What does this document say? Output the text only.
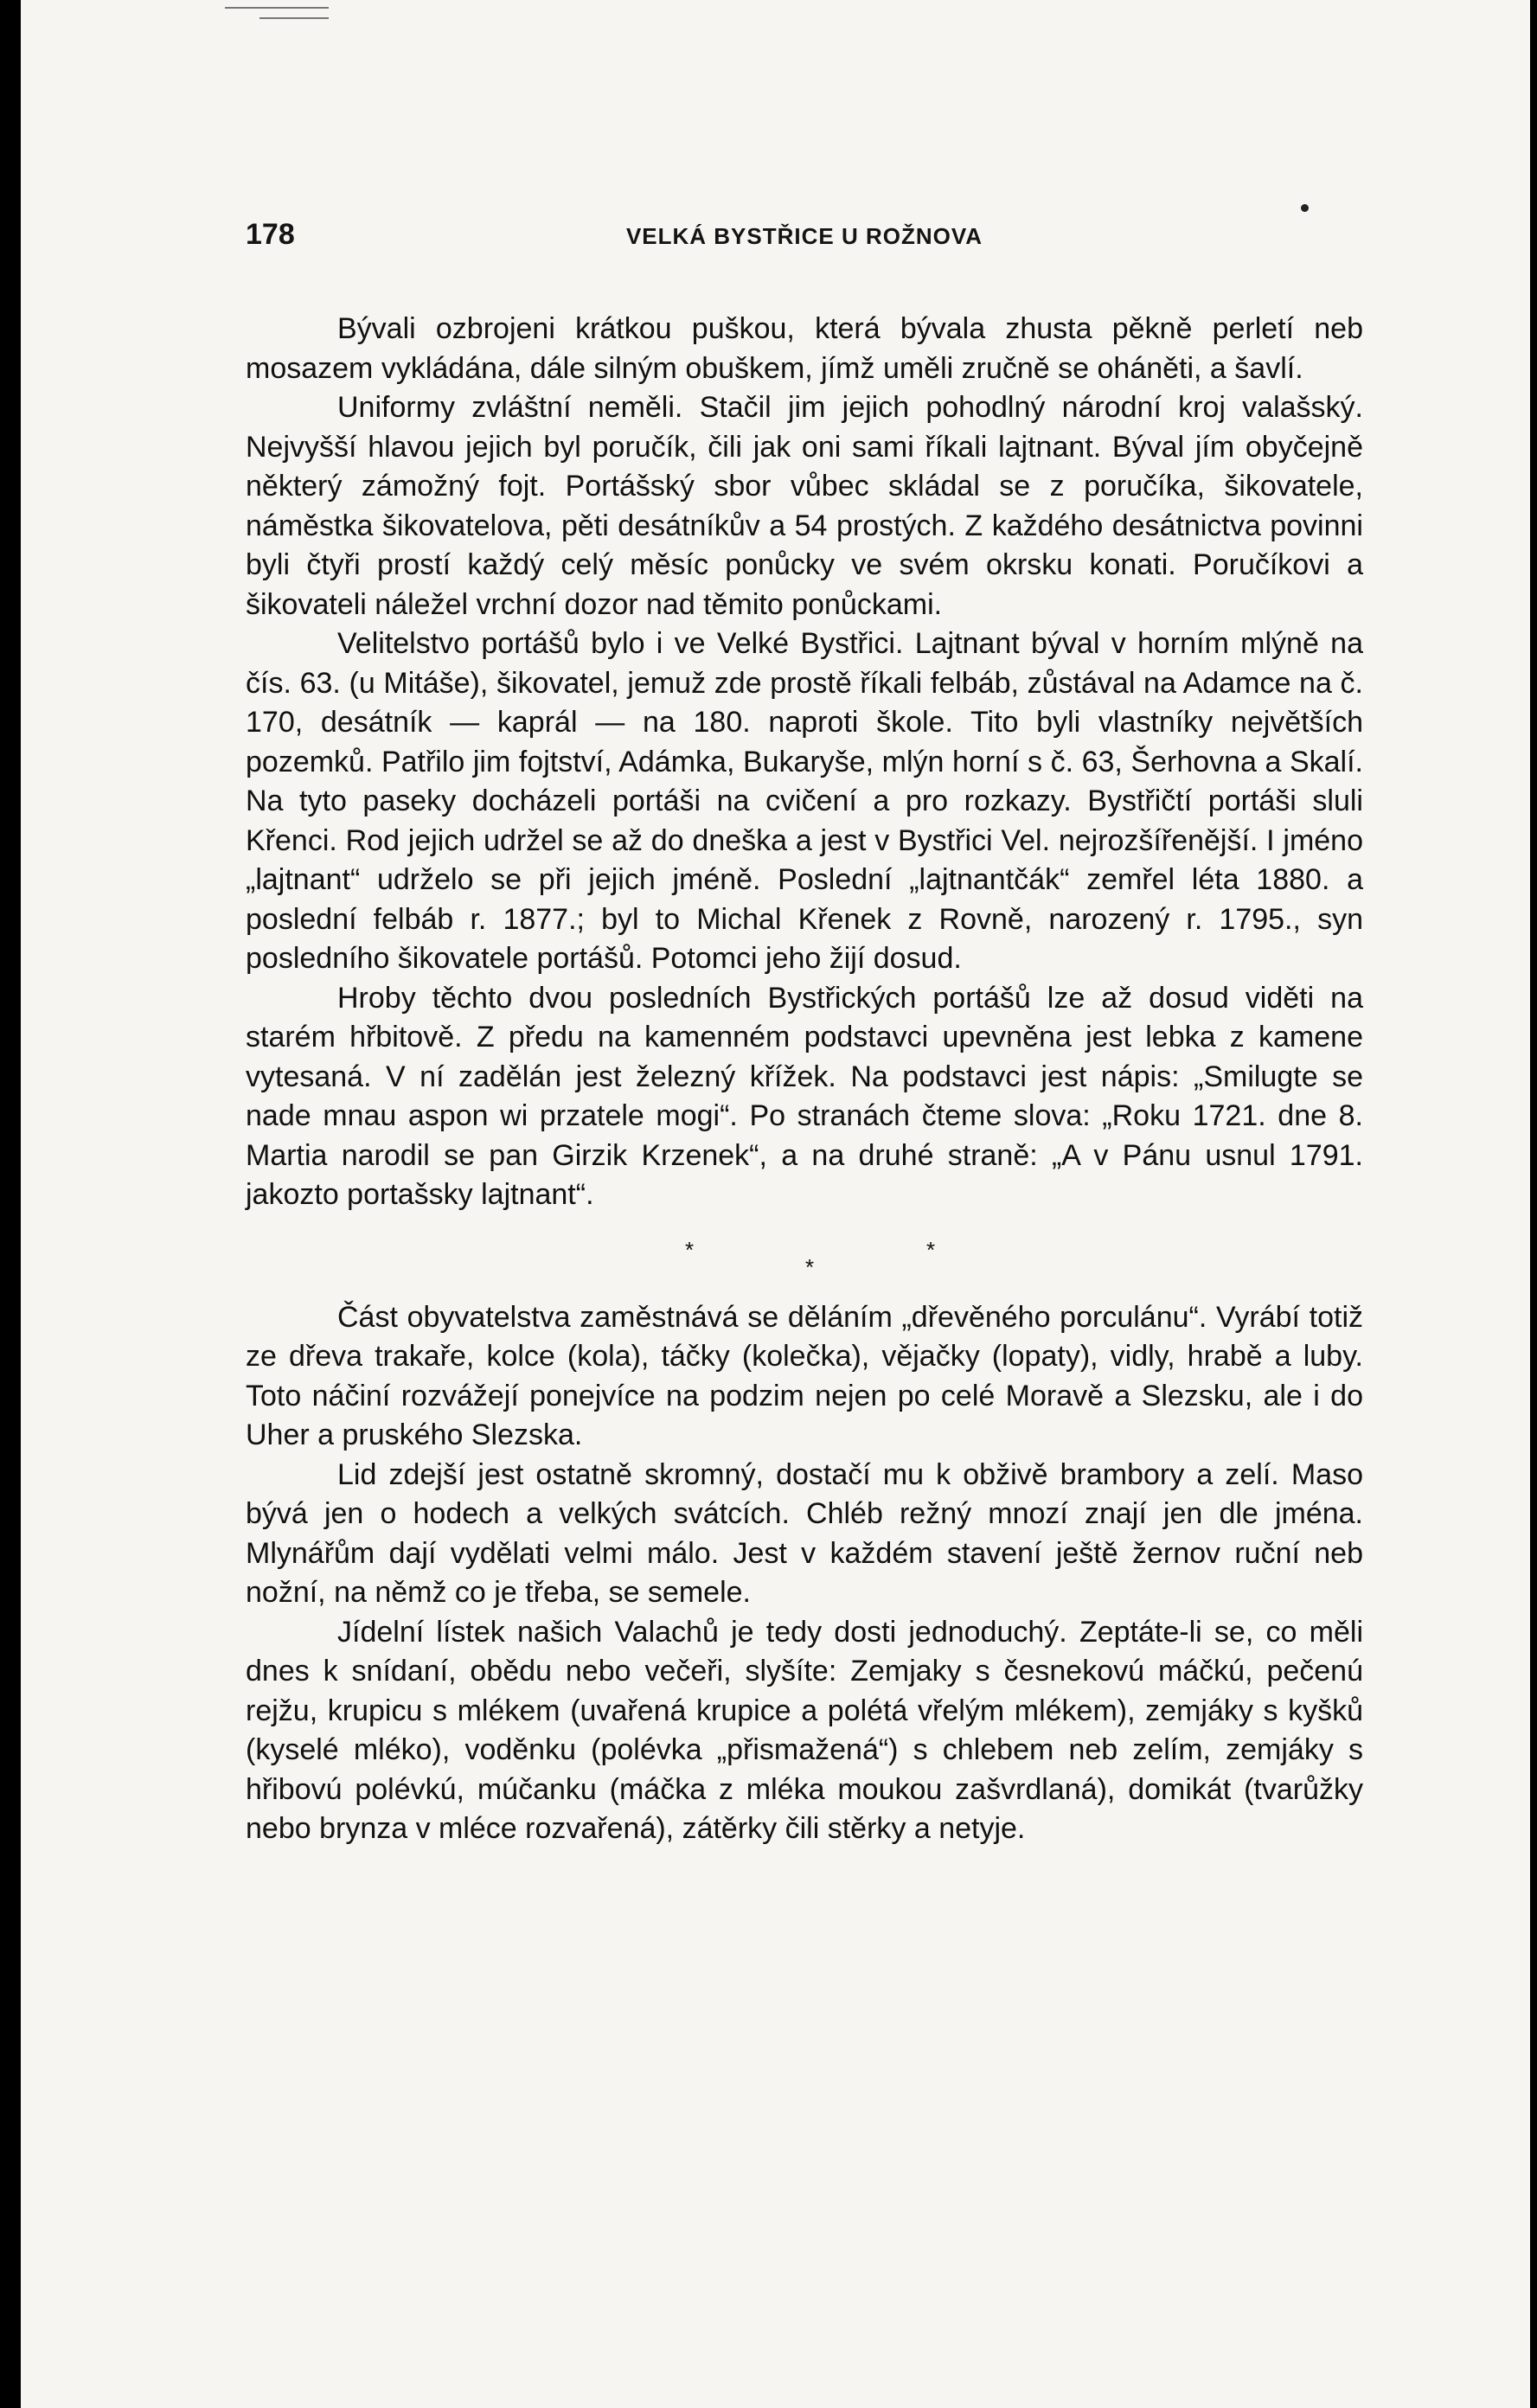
178	VELKÁ BYSTŘICE U ROŽNOVA

Bývali ozbrojeni krátkou puškou, která bývala zhusta pěkně perletí neb mosazem vykládána, dále silným obuškem, jímž uměli zručně se oháněti, a šavlí.

Uniformy zvláštní neměli. Stačil jim jejich pohodlný národní kroj valašský. Nejvyšší hlavou jejich byl poručík, čili jak oni sami říkali lajtnant. Býval jím obyčejně některý zámožný fojt. Portášský sbor vůbec skládal se z poručíka, šikovatele, náměstka šikovatelova, pěti desátníkův a 54 prostých. Z každého desátnictva povinni byli čtyři prostí každý celý měsíc ponůcky ve svém okrsku konati. Poručíkovi a šikovateli náležel vrchní dozor nad těmito ponůckami.

Velitelstvo portášů bylo i ve Velké Bystřici. Lajtnant býval v horním mlýně na čís. 63. (u Mitáše), šikovatel, jemuž zde prostě říkali felbáb, zůstával na Adamce na č. 170, desátník — kaprál — na 180. naproti škole. Tito byli vlastníky největších pozemků. Patřilo jim fojtství, Adámka, Bukaryše, mlýn horní s č. 63, Šerhovna a Skalí. Na tyto paseky docházeli portáši na cvičení a pro rozkazy. Bystřičtí portáši sluli Křenci. Rod jejich udržel se až do dneška a jest v Bystřici Vel. nejrozšířenější. I jméno „lajtnant“ udrželo se při jejich jméně. Poslední „lajtnantčák“ zemřel léta 1880. a poslední felbáb r. 1877.; byl to Michal Křenek z Rovně, narozený r. 1795., syn posledního šikovatele portášů. Potomci jeho žijí dosud.

Hroby těchto dvou posledních Bystřických portášů lze až dosud viděti na starém hřbitově. Z předu na kamenném podstavci upevněna jest lebka z kamene vytesaná. V ní zadělán jest železný křížek. Na podstavci jest nápis: „Smilugte se nade mnau aspon wi przatele mogi“. Po stranách čteme slova: „Roku 1721. dne 8. Martia narodil se pan Girzik Krzenek“, a na druhé straně: „A v Pánu usnul 1791. jakozto portašsky lajtnant“.

*
*
*

Část obyvatelstva zaměstnává se děláním „dřevěného porculánu“. Vyrábí totiž ze dřeva trakaře, kolce (kola), táčky (kolečka), vějačky (lopaty), vidly, hrabě a luby. Toto náčiní rozvážejí ponejvíce na podzim nejen po celé Moravě a Slezsku, ale i do Uher a pruského Slezska.

Lid zdejší jest ostatně skromný, dostačí mu k obživě brambory a zelí. Maso bývá jen o hodech a velkých svátcích. Chléb režný mnozí znají jen dle jména. Mlynářům dají vydělati velmi málo. Jest v každém stavení ještě žernov ruční neb nožní, na němž co je třeba, se semele.

Jídelní lístek našich Valachů je tedy dosti jednoduchý. Zeptáte-li se, co měli dnes k snídaní, obědu nebo večeři, slyšíte: Zemjaky s česnekovú máčkú, pečenú rejžu, krupicu s mlékem (uvařená krupice a polétá vřelým mlékem), zemjáky s kyšků (kyselé mléko), voděnku (polévka „přismažená“) s chlebem neb zelím, zemjáky s hřibovú polévkú, múčanku (máčka z mléka moukou zašvrdlaná), domikát (tvarůžky nebo brynza v mléce rozvařená), zátěrky čili stěrky a netyje.
